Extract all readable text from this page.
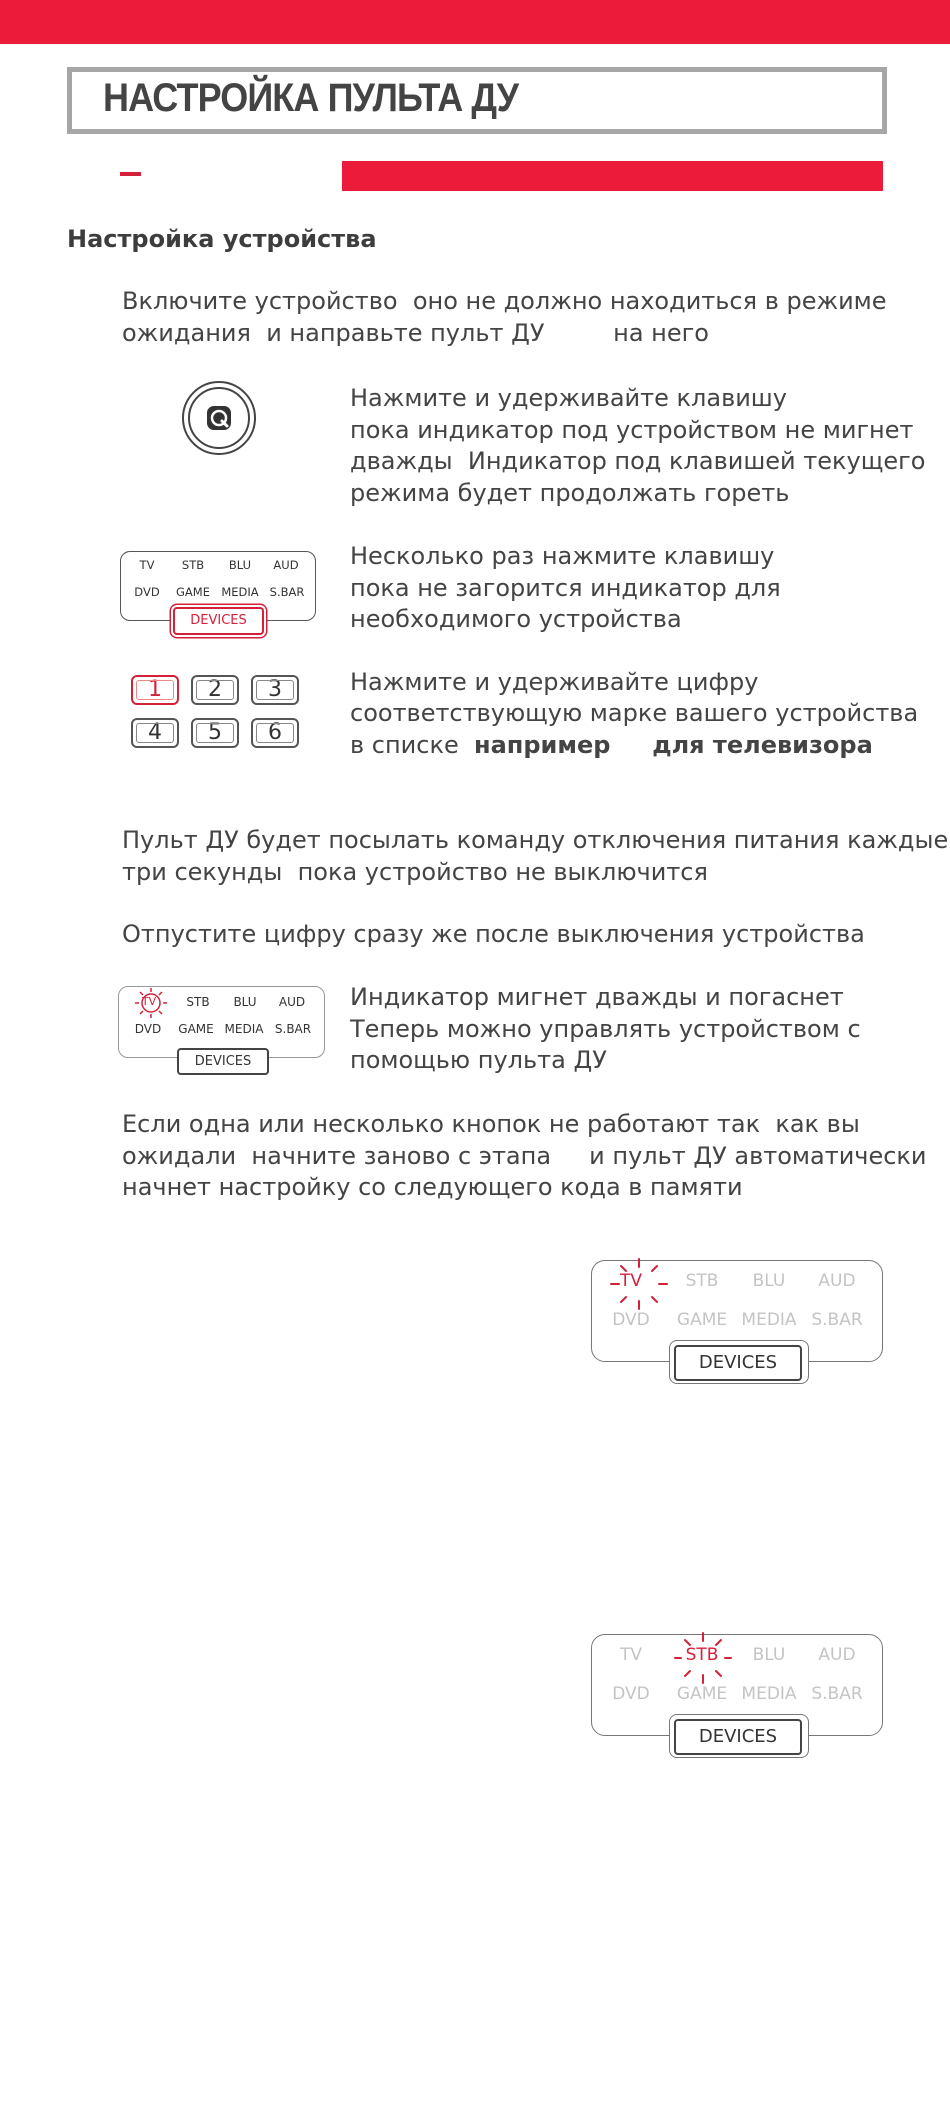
НАСТРОЙКА ПУЛЬТА ДУ
Настройка устройства
Включите устройство  оно не должно находиться в режиме
ожидания  и направьте пульт ДУ         на него
Нажмите и удерживайте клавишу
пока индикатор под устройством не мигнет
дважды  Индикатор под клавишей текущего
режима будет продолжать гореть
TV	STB	BLU	AUD
DVD	GAME MEDIA S.BAR
DEVICES
Несколько раз нажмите клавишу
пока не загорится индикатор для
необходимого устройства
1	2	3
4	5	6
Нажмите и удерживайте цифру
соответствующую марке вашего устройства
в списке  например для телевизора
Пульт ДУ будет посылать команду отключения питания каждые
три секунды  пока устройство не выключится
Отпустите цифру сразу же после выключения устройства
TV	STB	BLU	AUD
DVD	GAME MEDIA S.BAR
DEVICES
Индикатор мигнет дважды и погаснет
Теперь можно управлять устройством с
помощью пульта ДУ
Если одна или несколько кнопок не работают так  как вы
ожидали  начните заново с этапа     и пульт ДУ автоматически
начнет настройку со следующего кода в памяти
TV	STB	BLU	AUD
DVD GAME MEDIA S.BAR
DEVICES
TV	STB	BLU	AUD
DVD GAME MEDIA S.BAR
DEVICES
